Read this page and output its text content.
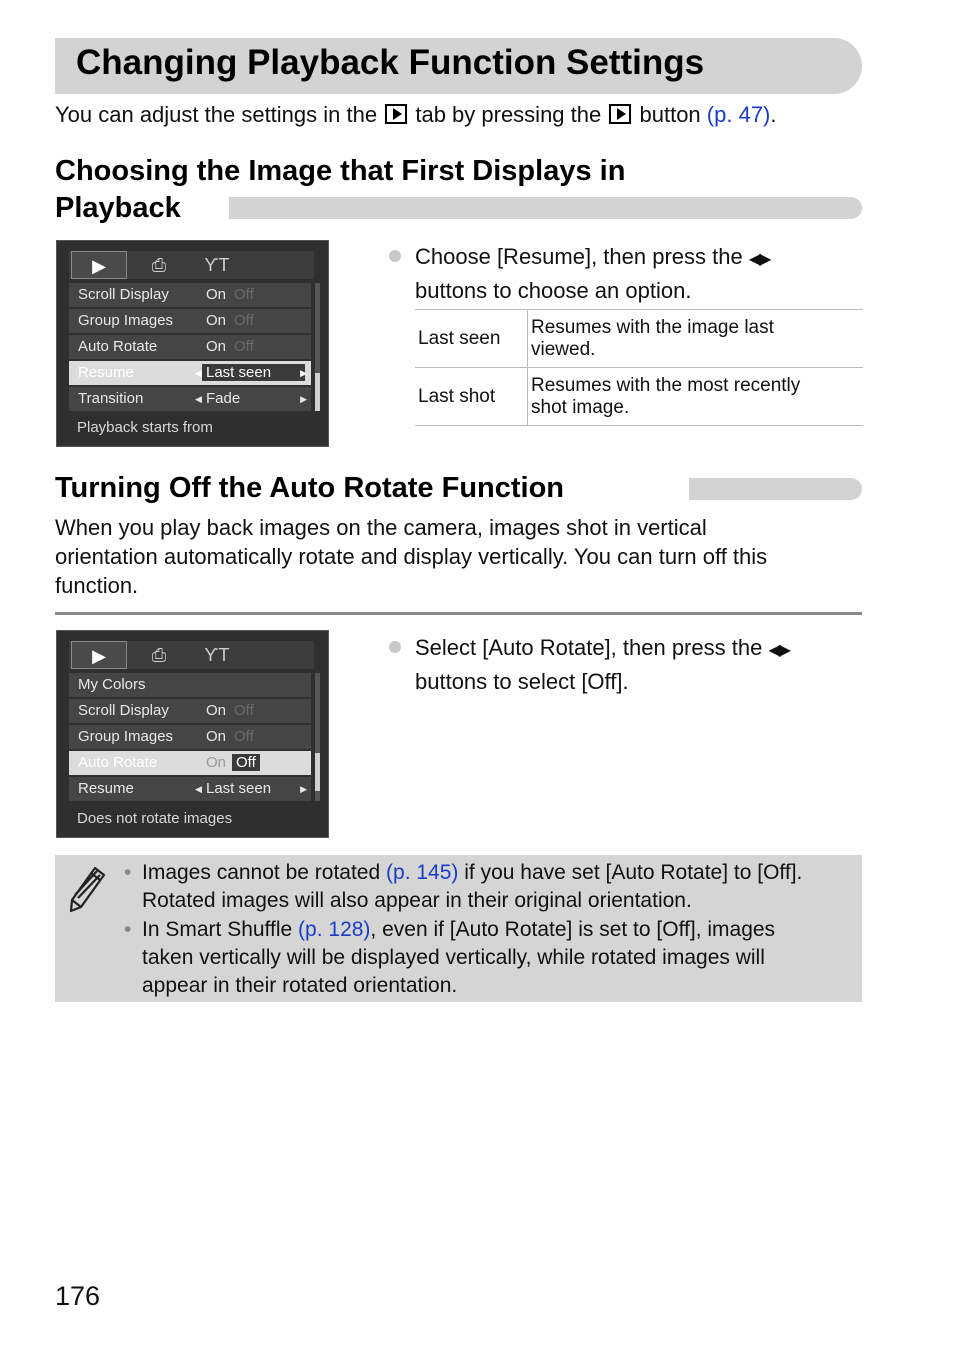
Changing Playback Function Settings
You can adjust the settings in the tab by pressing the button (p. 47).
Choosing the Image that First Displays in
Playback
▶	⎙	ƳT
Scroll Display On Off
Group Images On Off
Auto Rotate	On Off
Resume	◀ Last seen	▶
Transition	◀ Fade	▶
Playback starts from
Choose [Resume], then press the ◀▶
buttons to choose an option.
Last seen	Resumes with the image last
viewed.
Last shot	Resumes with the most recently
shot image.
Turning Off the Auto Rotate Function
When you play back images on the camera, images shot in vertical
orientation automatically rotate and display vertically. You can turn off this
function.
▶	⎙	ƳT
My Colors
Scroll Display On Off
Group Images On Off
Auto Rotate	On Off
Resume	◀ Last seen	▶
Does not rotate images
Select [Auto Rotate], then press the ◀▶
buttons to select [Off].
• Images cannot be rotated (p. 145) if you have set [Auto Rotate] to [Off].
Rotated images will also appear in their original orientation.
• In Smart Shuffle (p. 128), even if [Auto Rotate] is set to [Off], images
taken vertically will be displayed vertically, while rotated images will
appear in their rotated orientation.
176
